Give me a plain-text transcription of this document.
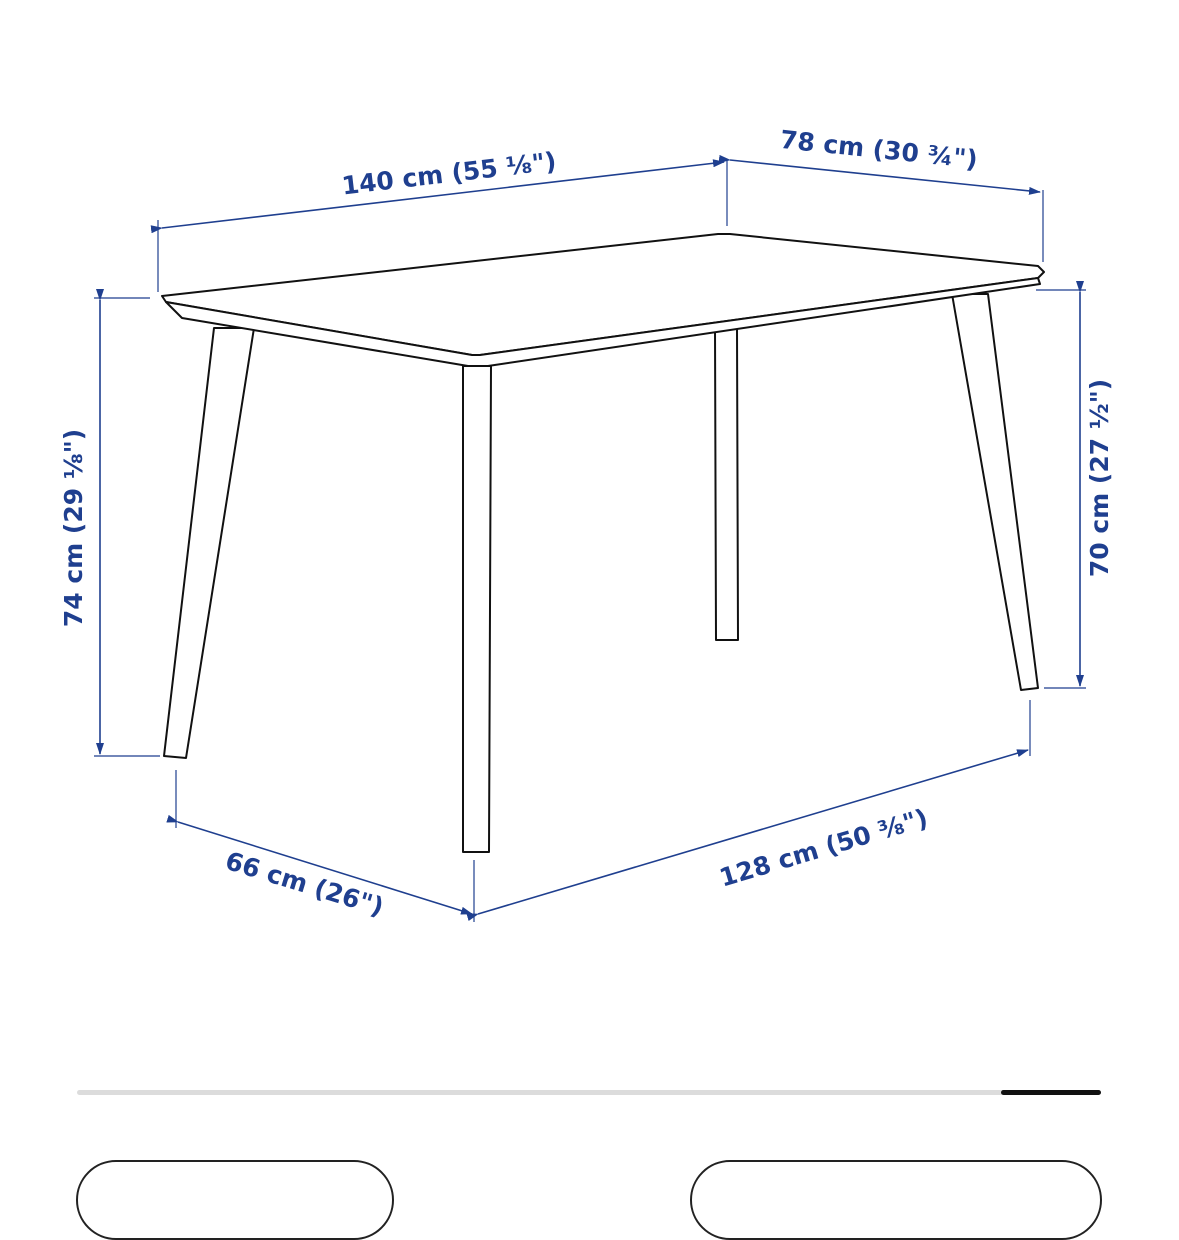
140 cm (55 ⅛")	78 cm (30 ¾")
74 cm (29 ⅛")	70 cm (27 ½")
66 cm (26")	128 cm (50 ⅜")
